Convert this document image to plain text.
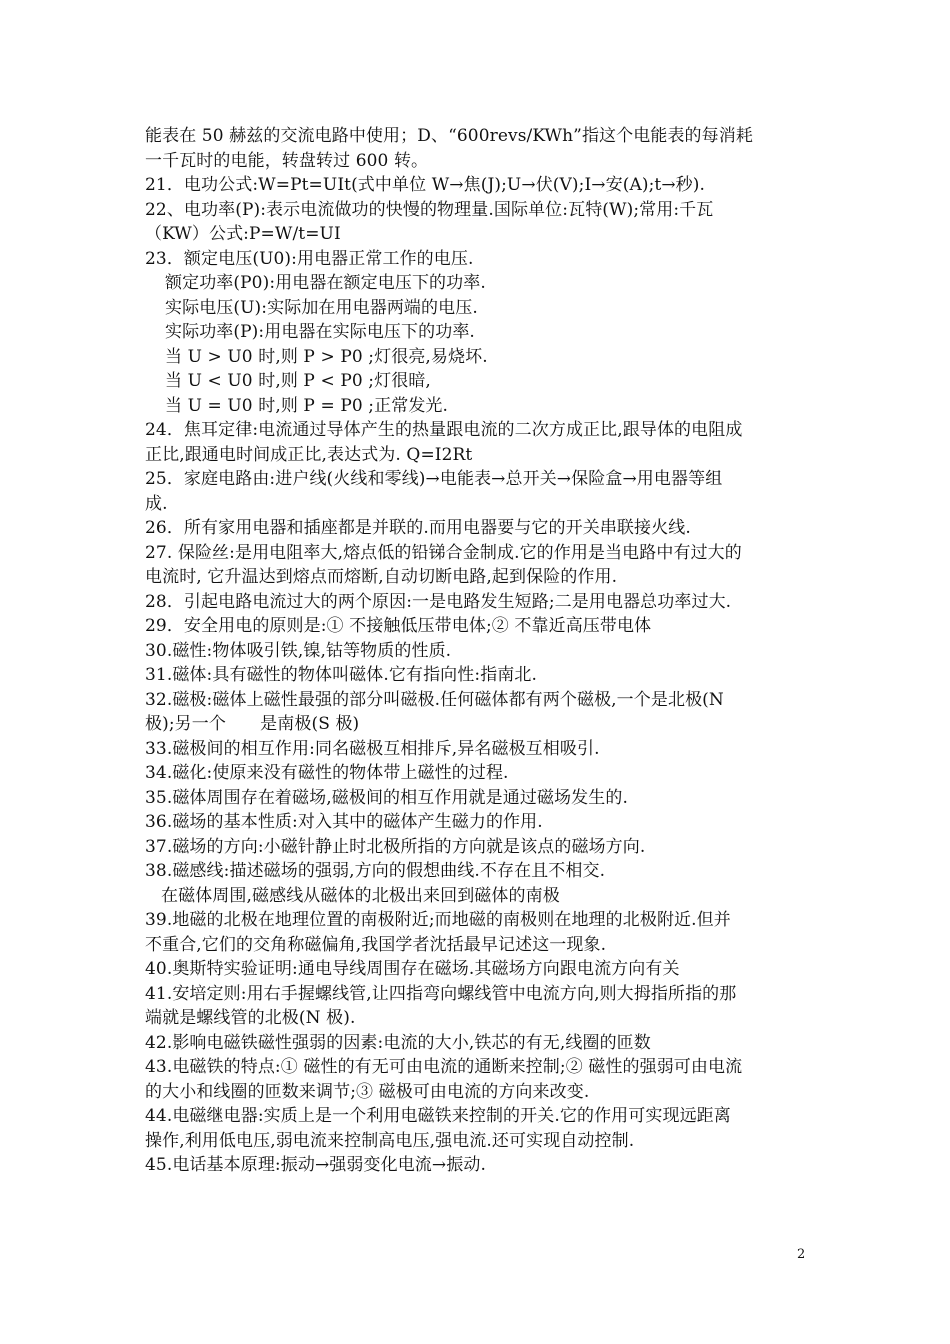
能表在 50 赫兹的交流电路中使用；D、“600revs/KWh”指这个电能表的每消耗
一千瓦时的电能，转盘转过 600 转。
21．电功公式:W=Pt=UIt(式中单位 W→焦(J);U→伏(V);I→安(A);t→秒).
22、电功率(P):表示电流做功的快慢的物理量.国际单位:瓦特(W);常用:千瓦
（KW）公式:P=W/t=UI
23．额定电压(U0):用电器正常工作的电压.
额定功率(P0):用电器在额定电压下的功率.
实际电压(U):实际加在用电器两端的电压.
实际功率(P):用电器在实际电压下的功率.
当 U > U0 时,则 P > P0 ;灯很亮,易烧坏.
当 U < U0 时,则 P < P0 ;灯很暗,
当 U = U0 时,则 P = P0 ;正常发光.
24．焦耳定律:电流通过导体产生的热量跟电流的二次方成正比,跟导体的电阻成
正比,跟通电时间成正比,表达式为. Q=I2Rt
25．家庭电路由:进户线(火线和零线)→电能表→总开关→保险盒→用电器等组
成.
26．所有家用电器和插座都是并联的.而用电器要与它的开关串联接火线.
27. 保险丝:是用电阻率大,熔点低的铅锑合金制成.它的作用是当电路中有过大的
电流时, 它升温达到熔点而熔断,自动切断电路,起到保险的作用.
28．引起电路电流过大的两个原因:一是电路发生短路;二是用电器总功率过大.
29．安全用电的原则是:① 不接触低压带电体;② 不靠近高压带电体
30.磁性:物体吸引铁,镍,钴等物质的性质.
31.磁体:具有磁性的物体叫磁体.它有指向性:指南北.
32.磁极:磁体上磁性最强的部分叫磁极.任何磁体都有两个磁极,一个是北极(N
极);另一个　　是南极(S 极)
33.磁极间的相互作用:同名磁极互相排斥,异名磁极互相吸引.
34.磁化:使原来没有磁性的物体带上磁性的过程.
35.磁体周围存在着磁场,磁极间的相互作用就是通过磁场发生的.
36.磁场的基本性质:对入其中的磁体产生磁力的作用.
37.磁场的方向:小磁针静止时北极所指的方向就是该点的磁场方向.
38.磁感线:描述磁场的强弱,方向的假想曲线.不存在且不相交.
在磁体周围,磁感线从磁体的北极出来回到磁体的南极
39.地磁的北极在地理位置的南极附近;而地磁的南极则在地理的北极附近.但并
不重合,它们的交角称磁偏角,我国学者沈括最早记述这一现象.
40.奥斯特实验证明:通电导线周围存在磁场.其磁场方向跟电流方向有关
41.安培定则:用右手握螺线管,让四指弯向螺线管中电流方向,则大拇指所指的那
端就是螺线管的北极(N 极).
42.影响电磁铁磁性强弱的因素:电流的大小,铁芯的有无,线圈的匝数
43.电磁铁的特点:① 磁性的有无可由电流的通断来控制;② 磁性的强弱可由电流
的大小和线圈的匝数来调节;③ 磁极可由电流的方向来改变.
44.电磁继电器:实质上是一个利用电磁铁来控制的开关.它的作用可实现远距离
操作,利用低电压,弱电流来控制高电压,强电流.还可实现自动控制.
45.电话基本原理:振动→强弱变化电流→振动.
2
